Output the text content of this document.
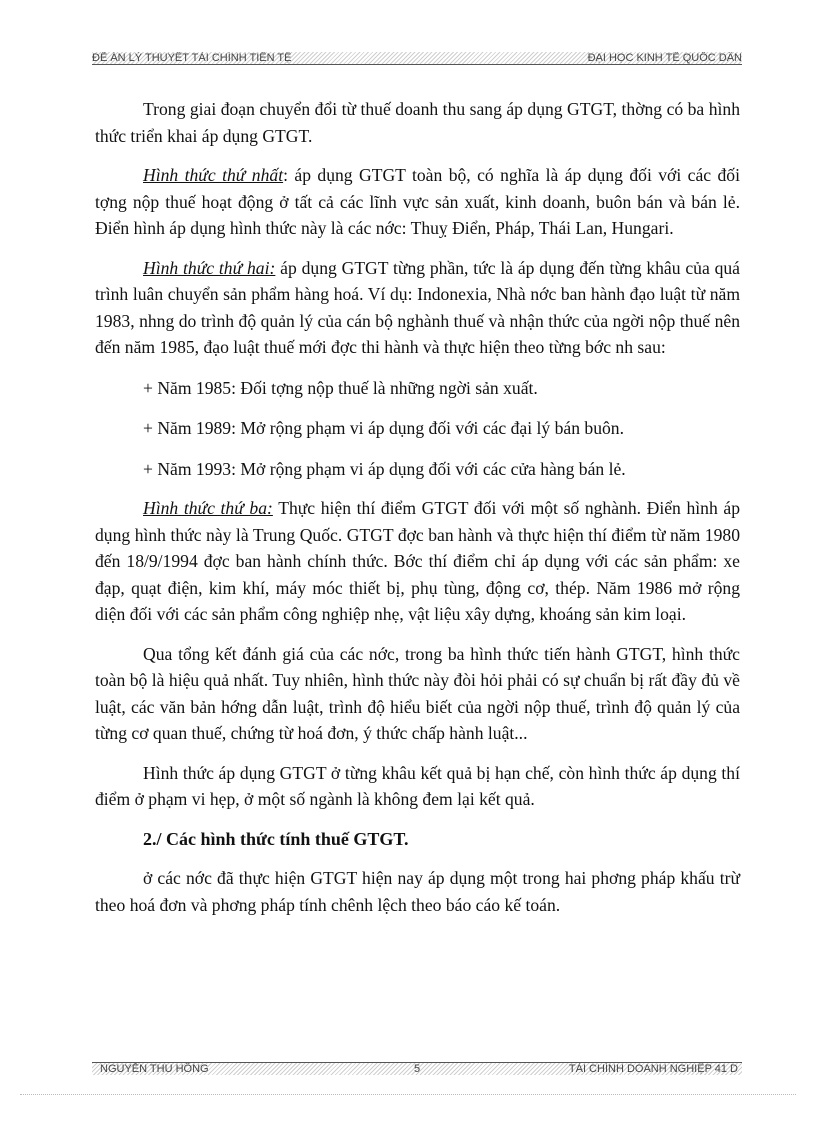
ĐỀ ÁN LÝ THUYẾT TÀI CHÍNH TIỀN TỆ	ĐẠI HỌC KINH TẾ QUỐC DÂN

Trong giai đoạn chuyển đổi từ thuế doanh thu sang áp dụng GTGT, thờng có ba hình thức triển khai áp dụng GTGT.

Hình thức thứ nhất: áp dụng GTGT toàn bộ, có nghĩa là áp dụng đối với các đối tợng nộp thuế hoạt động ở tất cả các lĩnh vực sản xuất, kinh doanh, buôn bán và bán lẻ. Điển hình áp dụng hình thức này là các nớc: Thuỵ Điển, Pháp, Thái Lan, Hungari.

Hình thức thứ hai: áp dụng GTGT từng phần, tức là áp dụng đến từng khâu của quá trình luân chuyển sản phẩm hàng hoá. Ví dụ: Indonexia, Nhà nớc ban hành đạo luật từ năm 1983, nhng do trình độ quản lý của cán bộ nghành thuế và nhận thức của ngời nộp thuế nên đến năm 1985, đạo luật thuế mới đợc thi hành và thực hiện theo từng bớc nh sau:

+ Năm 1985: Đối tợng nộp thuế là những ngời sản xuất.

+ Năm 1989: Mở rộng phạm vi áp dụng đối với các đại lý bán buôn.

+ Năm 1993: Mở rộng phạm vi áp dụng đối với các cửa hàng bán lẻ.

Hình thức thứ ba: Thực hiện thí điểm GTGT đối với một số nghành. Điển hình áp dụng hình thức này là Trung Quốc. GTGT đợc ban hành và thực hiện thí điểm từ năm 1980 đến 18/9/1994 đợc ban hành chính thức. Bớc thí điểm chỉ áp dụng với các sản phẩm: xe đạp, quạt điện, kim khí, máy móc thiết bị, phụ tùng, động cơ, thép. Năm 1986 mở rộng diện đối với các sản phẩm công nghiệp nhẹ, vật liệu xây dựng, khoáng sản kim loại.

Qua tổng kết đánh giá của các nớc, trong ba hình thức tiến hành GTGT, hình thức toàn bộ là hiệu quả nhất. Tuy nhiên, hình thức này đòi hỏi phải có sự chuẩn bị rất đầy đủ về luật, các văn bản hớng dẫn luật, trình độ hiểu biết của ngời nộp thuế, trình độ quản lý của từng cơ quan thuế, chứng từ hoá đơn, ý thức chấp hành luật...

Hình thức áp dụng GTGT ở từng khâu kết quả bị hạn chế, còn hình thức áp dụng thí điểm ở phạm vi hẹp, ở một số ngành là không đem lại kết quả.

2./ Các hình thức tính thuế GTGT.

ở các nớc đã thực hiện GTGT hiện nay áp dụng một trong hai phơng pháp khấu trừ theo hoá đơn và phơng pháp tính chênh lệch theo báo cáo kế toán.

NGUYỄN THU HỒNG	5	TÀI CHÍNH DOANH NGHIỆP 41 D
